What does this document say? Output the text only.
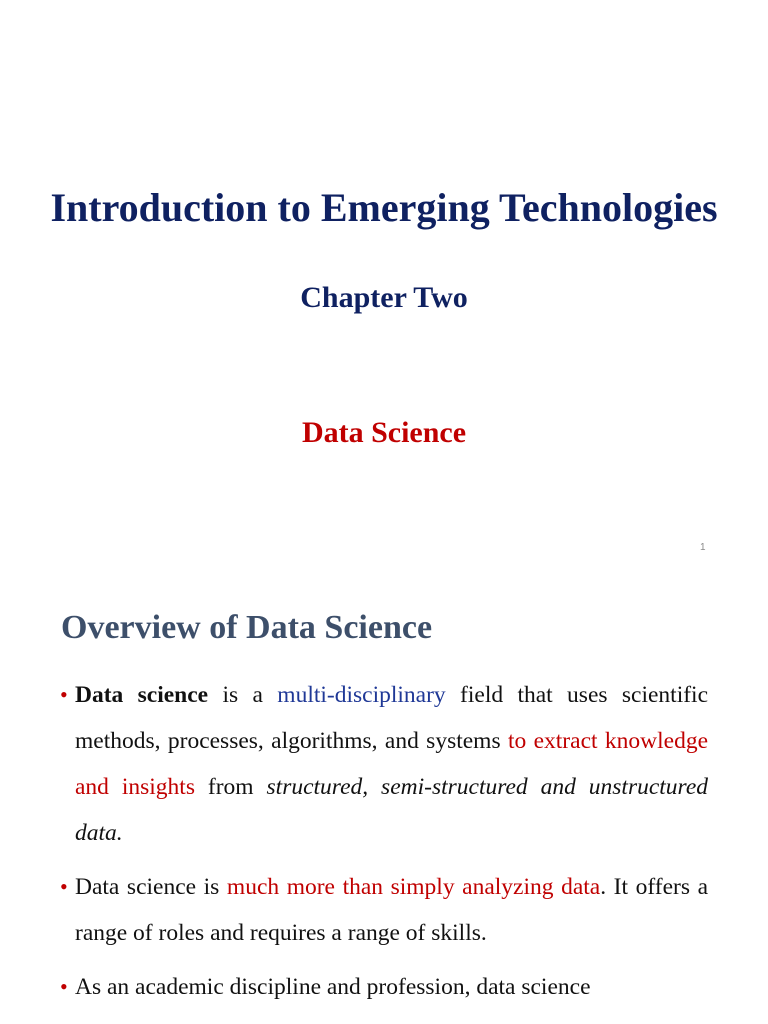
Introduction to Emerging Technologies
Chapter Two
Data Science
1
Overview of Data Science
• Data science is a multi-disciplinary field that uses scientific methods, processes, algorithms, and systems to extract knowledge and insights from structured, semi-structured and unstructured data.
• Data science is much more than simply analyzing data. It offers a range of roles and requires a range of skills.
• As an academic discipline and profession, data science
